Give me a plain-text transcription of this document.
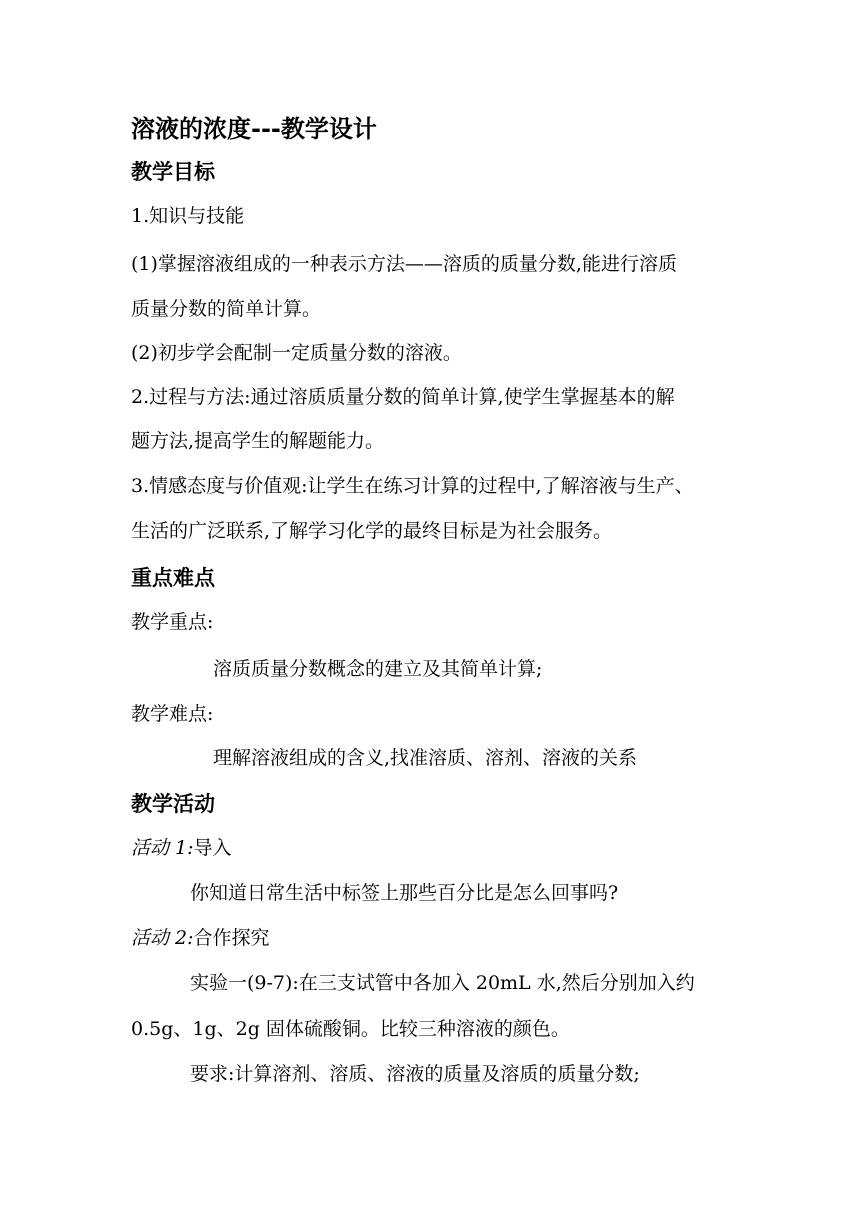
溶液的浓度---教学设计
教学目标
1.知识与技能
(1)掌握溶液组成的一种表示方法——溶质的质量分数,能进行溶质
质量分数的简单计算。
(2)初步学会配制一定质量分数的溶液。
2.过程与方法:通过溶质质量分数的简单计算,使学生掌握基本的解
题方法,提高学生的解题能力。
3.情感态度与价值观:让学生在练习计算的过程中,了解溶液与生产、
生活的广泛联系,了解学习化学的最终目标是为社会服务。
重点难点
教学重点:
溶质质量分数概念的建立及其简单计算;
教学难点:
理解溶液组成的含义,找准溶质、溶剂、溶液的关系
教学活动
活动 1:导入
你知道日常生活中标签上那些百分比是怎么回事吗?
活动 2:合作探究
实验一(9-7):在三支试管中各加入 20mL 水,然后分别加入约
0.5g、1g、2g 固体硫酸铜。比较三种溶液的颜色。
要求:计算溶剂、溶质、溶液的质量及溶质的质量分数;
